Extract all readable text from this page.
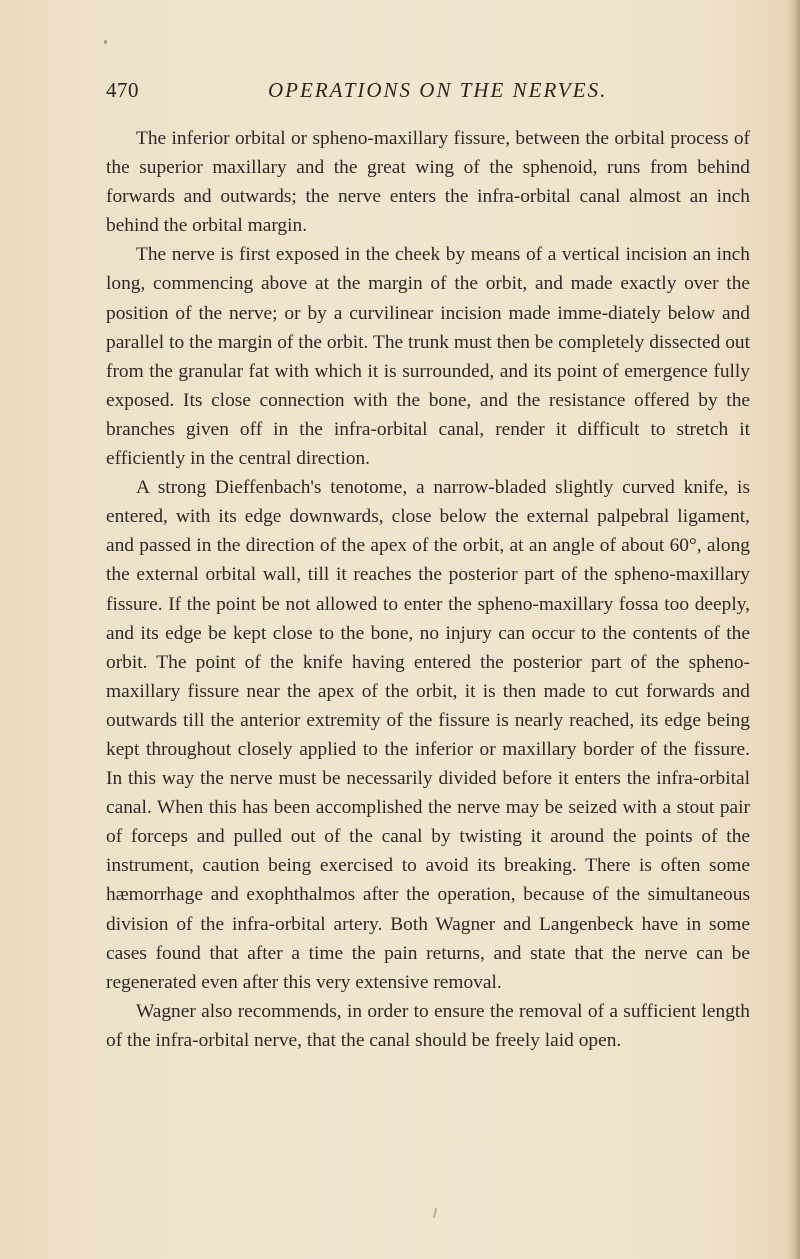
470	OPERATIONS ON THE NERVES.

The inferior orbital or spheno-maxillary fissure, between the orbital process of the superior maxillary and the great wing of the sphenoid, runs from behind forwards and outwards; the nerve enters the infra-orbital canal almost an inch behind the orbital margin.

The nerve is first exposed in the cheek by means of a vertical incision an inch long, commencing above at the margin of the orbit, and made exactly over the position of the nerve; or by a curvilinear incision made imme-diately below and parallel to the margin of the orbit. The trunk must then be completely dissected out from the granular fat with which it is surrounded, and its point of emergence fully exposed. Its close connection with the bone, and the resistance offered by the branches given off in the infra-orbital canal, render it difficult to stretch it efficiently in the central direction.

A strong Dieffenbach's tenotome, a narrow-bladed slightly curved knife, is entered, with its edge downwards, close below the external palpebral ligament, and passed in the direction of the apex of the orbit, at an angle of about 60°, along the external orbital wall, till it reaches the posterior part of the spheno-maxillary fissure. If the point be not allowed to enter the spheno-maxillary fossa too deeply, and its edge be kept close to the bone, no injury can occur to the contents of the orbit. The point of the knife having entered the posterior part of the spheno-maxillary fissure near the apex of the orbit, it is then made to cut forwards and outwards till the anterior extremity of the fissure is nearly reached, its edge being kept throughout closely applied to the inferior or maxillary border of the fissure. In this way the nerve must be necessarily divided before it enters the infra-orbital canal. When this has been accomplished the nerve may be seized with a stout pair of forceps and pulled out of the canal by twisting it around the points of the instrument, caution being exercised to avoid its breaking. There is often some hæmorrhage and exophthalmos after the operation, because of the simultaneous division of the infra-orbital artery. Both Wagner and Langenbeck have in some cases found that after a time the pain returns, and state that the nerve can be regenerated even after this very extensive removal.

Wagner also recommends, in order to ensure the removal of a sufficient length of the infra-orbital nerve, that the canal should be freely laid open.
